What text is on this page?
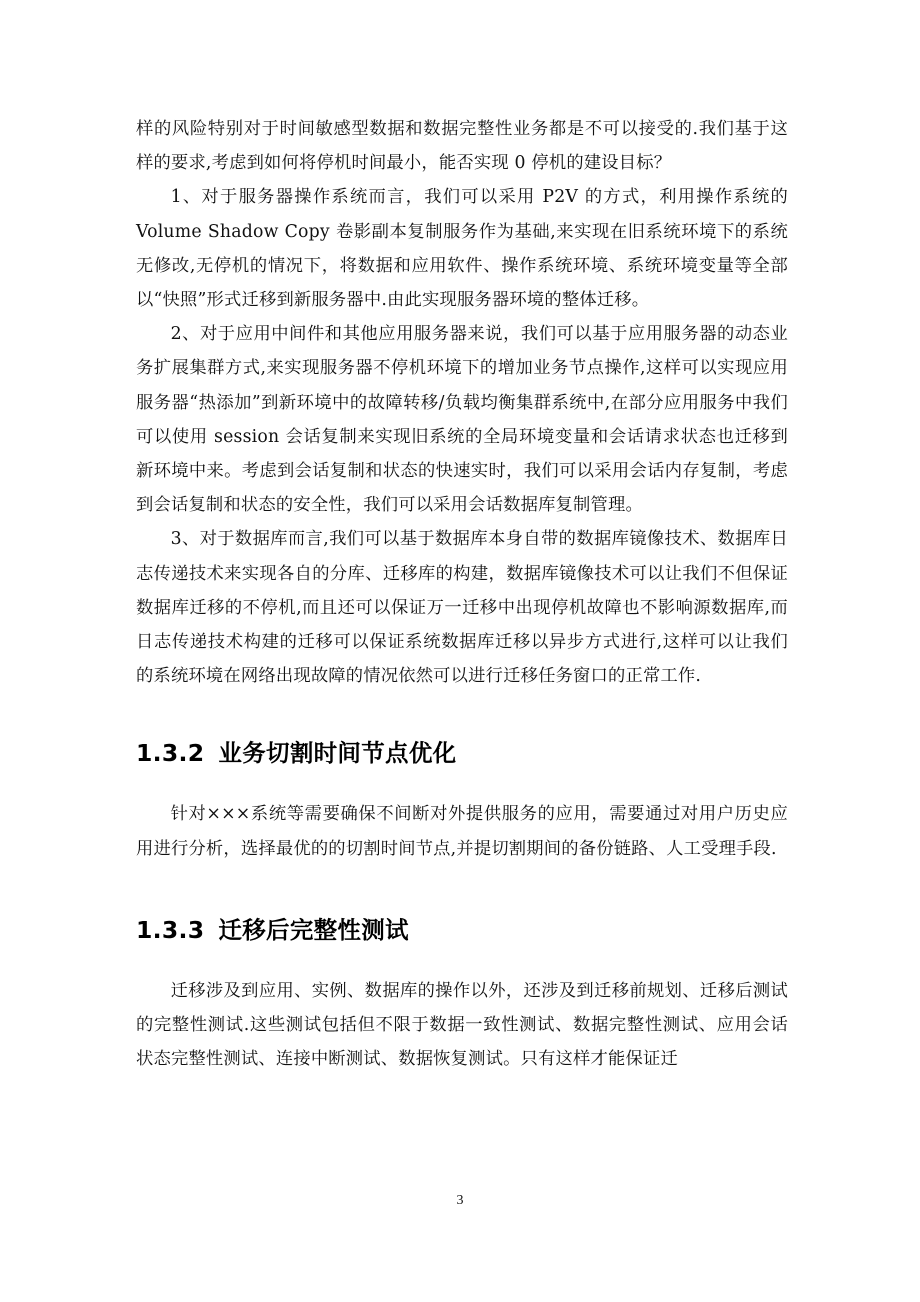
样的风险特别对于时间敏感型数据和数据完整性业务都是不可以接受的.我们基于这样的要求,考虑到如何将停机时间最小，能否实现 0 停机的建设目标？

1、对于服务器操作系统而言，我们可以采用 P2V 的方式，利用操作系统的 Volume Shadow Copy 卷影副本复制服务作为基础,来实现在旧系统环境下的系统无修改,无停机的情况下，将数据和应用软件、操作系统环境、系统环境变量等全部以“快照”形式迁移到新服务器中.由此实现服务器环境的整体迁移。

2、对于应用中间件和其他应用服务器来说，我们可以基于应用服务器的动态业务扩展集群方式,来实现服务器不停机环境下的增加业务节点操作,这样可以实现应用服务器“热添加”到新环境中的故障转移/负载均衡集群系统中,在部分应用服务中我们可以使用 session 会话复制来实现旧系统的全局环境变量和会话请求状态也迁移到新环境中来。考虑到会话复制和状态的快速实时，我们可以采用会话内存复制，考虑到会话复制和状态的安全性，我们可以采用会话数据库复制管理。

3、对于数据库而言,我们可以基于数据库本身自带的数据库镜像技术、数据库日志传递技术来实现各自的分库、迁移库的构建，数据库镜像技术可以让我们不但保证数据库迁移的不停机,而且还可以保证万一迁移中出现停机故障也不影响源数据库,而日志传递技术构建的迁移可以保证系统数据库迁移以异步方式进行,这样可以让我们的系统环境在网络出现故障的情况依然可以进行迁移任务窗口的正常工作.

1.3.2 业务切割时间节点优化

针对×××系统等需要确保不间断对外提供服务的应用，需要通过对用户历史应用进行分析，选择最优的的切割时间节点,并提切割期间的备份链路、人工受理手段.

1.3.3 迁移后完整性测试

迁移涉及到应用、实例、数据库的操作以外，还涉及到迁移前规划、迁移后测试的完整性测试.这些测试包括但不限于数据一致性测试、数据完整性测试、应用会话状态完整性测试、连接中断测试、数据恢复测试。只有这样才能保证迁

3
